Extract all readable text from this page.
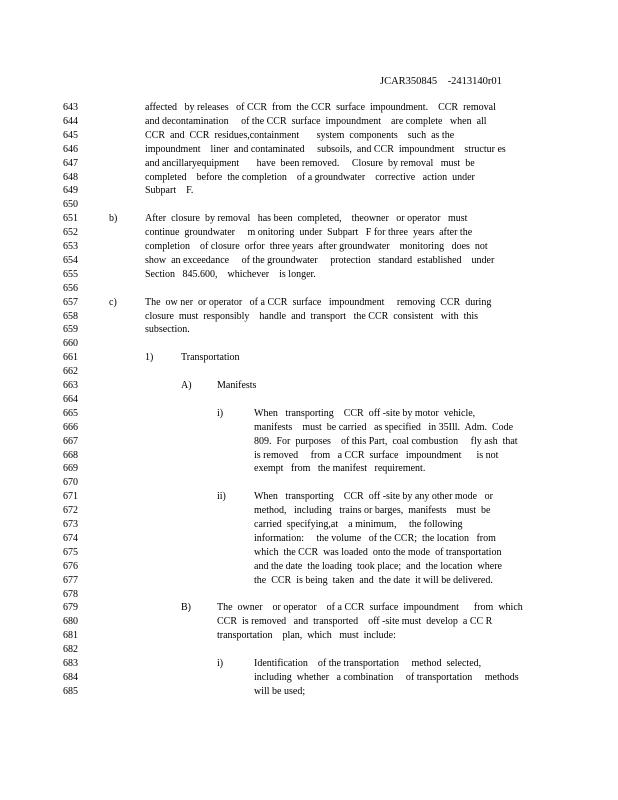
JCAR350845 -2413140r01
643	affected   by releases   of CCR  from  the CCR  surface  impoundment.    CCR  removal
644	and decontamination     of the CCR  surface  impoundment    are complete   when  all
645	CCR  and  CCR  residues,containment       system  components    such  as the
646	impoundment    liner  and contaminated     subsoils,  and CCR  impoundment    structur es
647	and ancillaryequipment       have  been removed.     Closure  by removal   must  be
648	completed    before  the completion    of a groundwater    corrective   action  under
649	Subpart    F.
650
651	b)	After  closure  by removal   has been  completed,    theowner   or operator   must
652	continue  groundwater     m onitoring  under  Subpart   F for three  years  after the
653	completion    of closure  orfor  three years  after groundwater    monitoring   does  not
654	show  an exceedance     of the groundwater     protection   standard  established    under
655	Section   845.600,    whichever    is longer.
656
657	c)	The  ow ner  or operator   of a CCR  surface   impoundment     removing  CCR  during
658	closure  must  responsibly    handle  and  transport   the CCR  consistent   with  this
659	subsection.
660
661	1)	Transportation
662
663	A)	Manifests
664
665	i)	When   transporting    CCR  off -site by motor  vehicle,
666	manifests    must  be carried   as specified   in 35Ill.  Adm.  Code
667	809.  For  purposes    of this Part,  coal combustion     fly ash  that
668	is removed     from   a CCR  surface   impoundment      is not
669	exempt   from   the manifest   requirement.
670
671	ii)	When   transporting    CCR  off -site by any other mode   or
672	method,   including   trains or barges,  manifests    must  be
673	carried  specifying,at    a minimum,     the following
674	information:     the volume   of the CCR;  the location   from
675	which  the CCR  was loaded  onto the mode  of transportation
676	and the date  the loading  took place;  and  the location  where
677	the  CCR  is being  taken  and  the date  it will be delivered.
678
679	B)	The  owner    or operator    of a CCR  surface  impoundment      from  which
680	CCR  is removed   and  transported    off -site must  develop  a CC R
681	transportation    plan,  which   must  include:
682
683	i)	Identification    of the transportation     method  selected,
684	including  whether   a combination     of transportation     methods
685	will be used;
